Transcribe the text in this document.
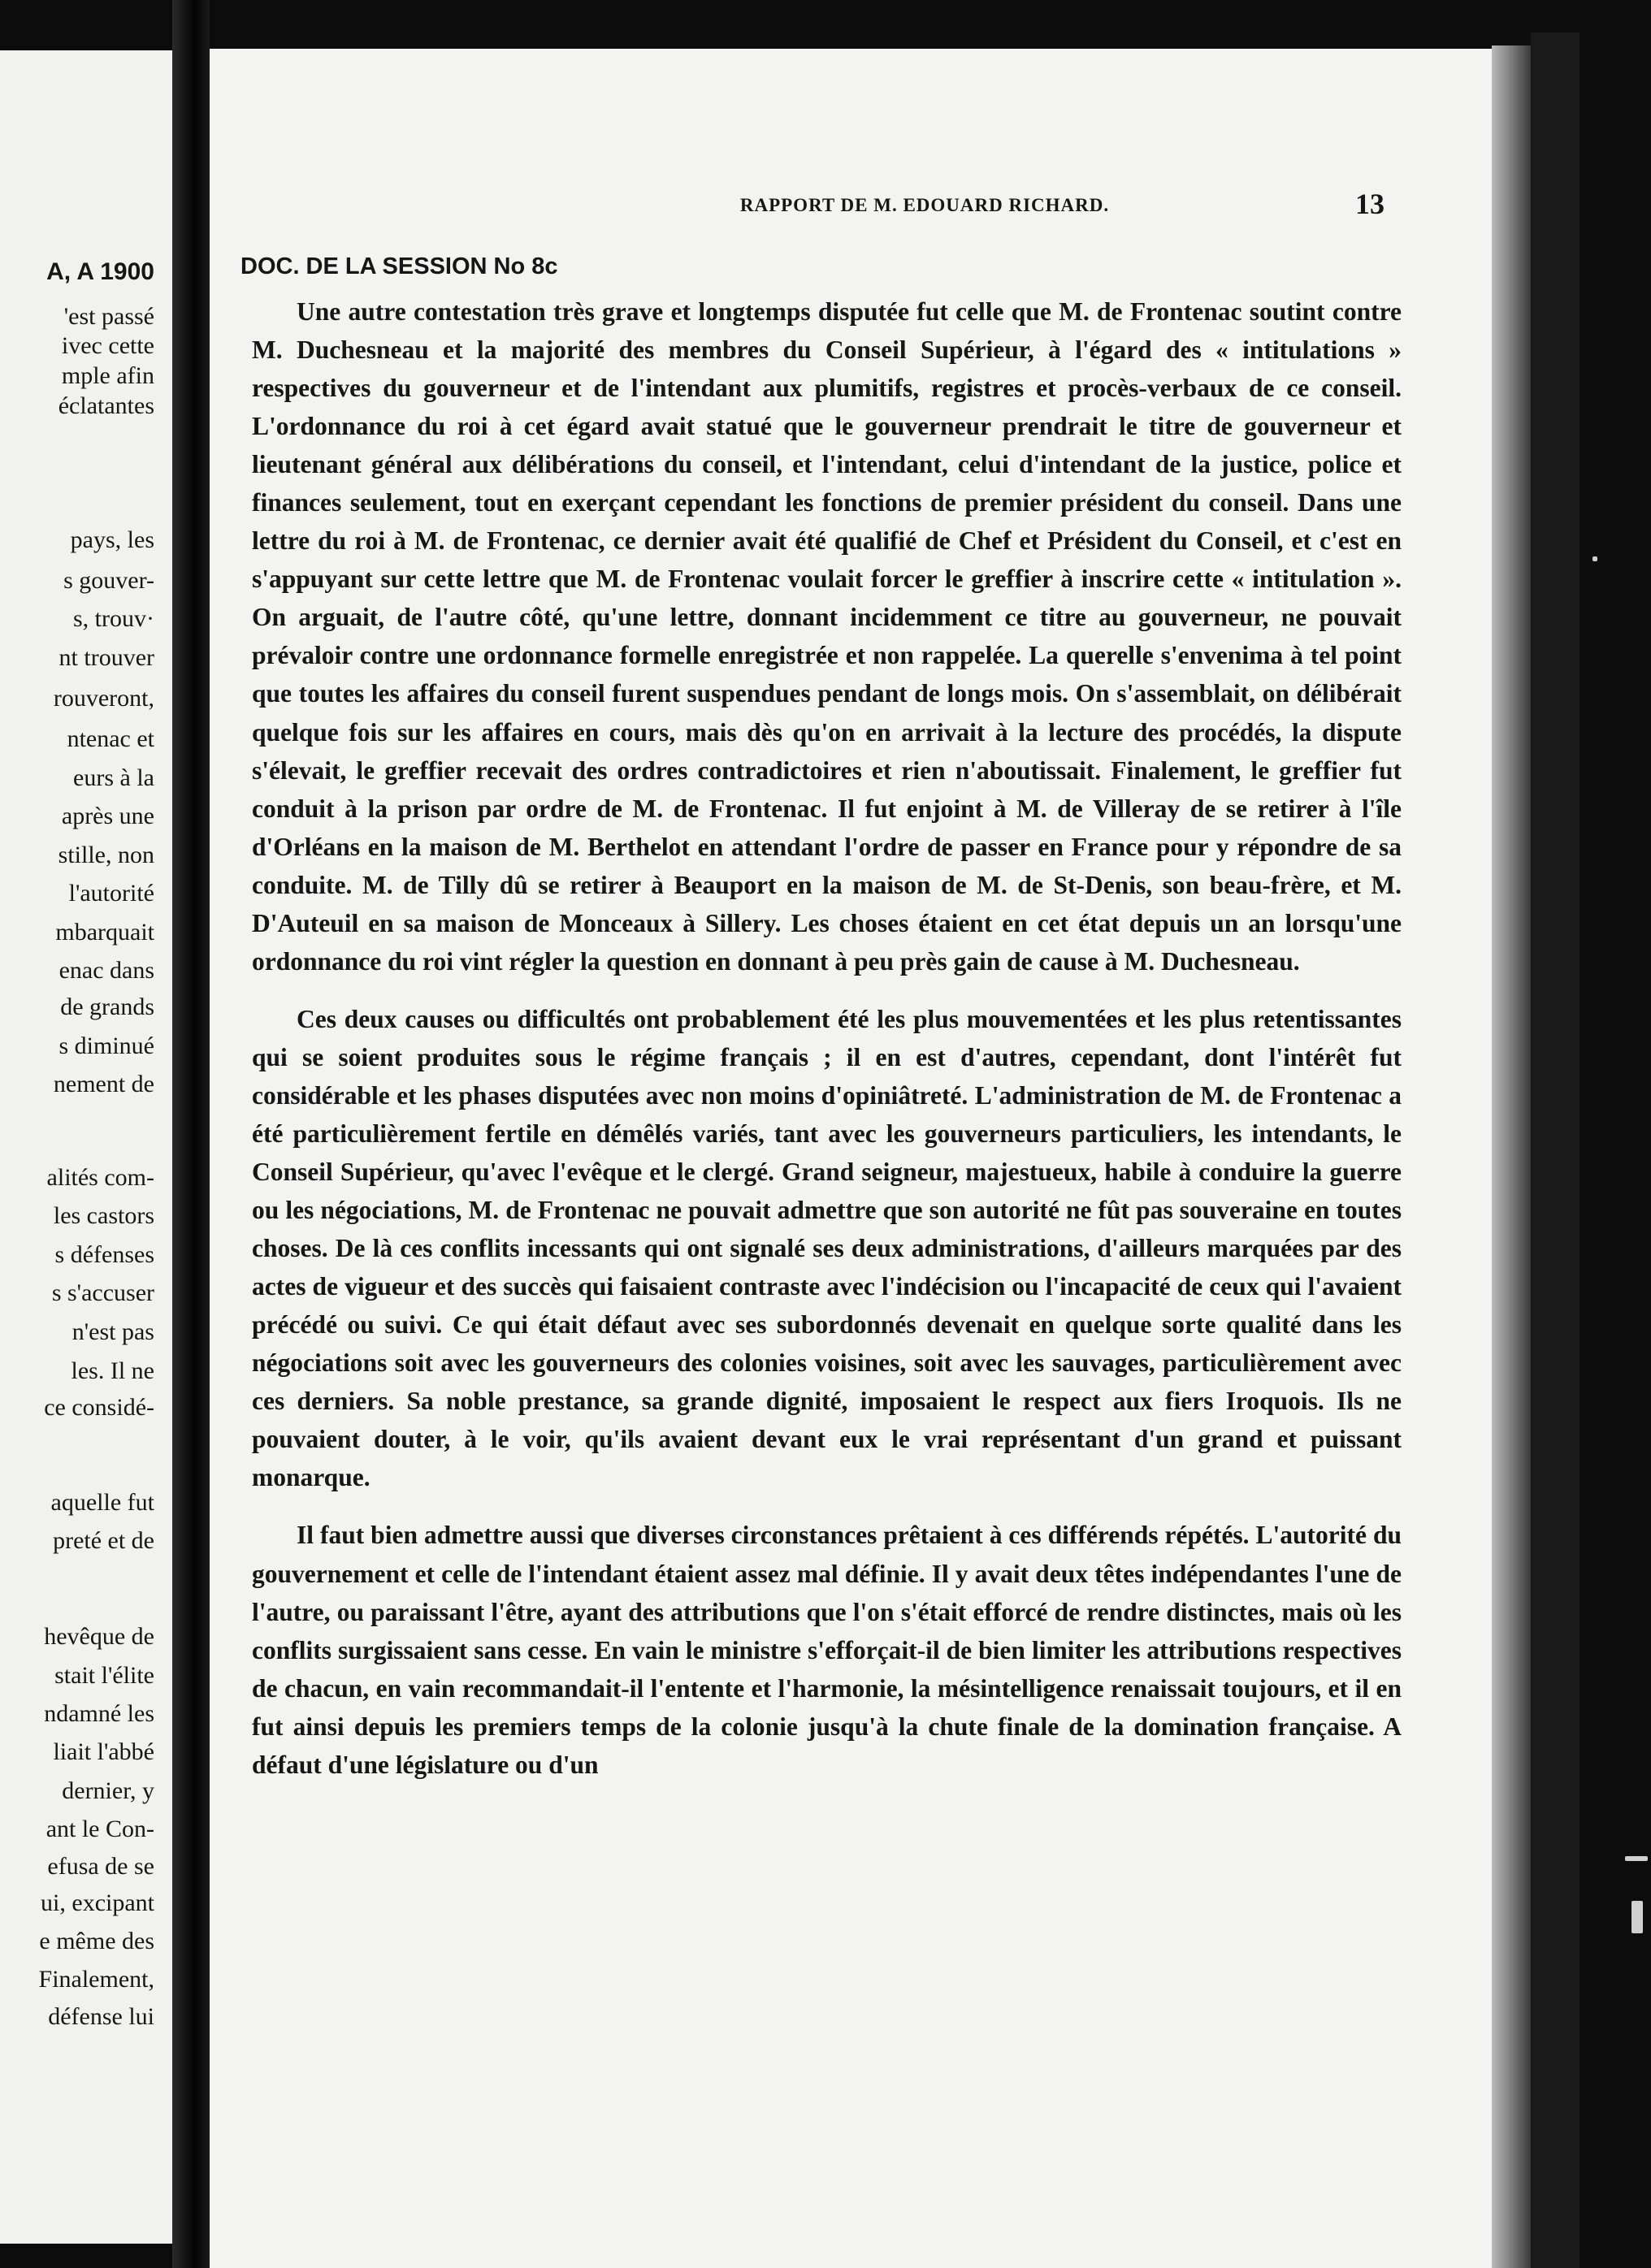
A, A 1900
'est passé
ivec cette
mple afin
éclatantes
pays, les
s gouver-
s, trouv·
nt trouver
rouveront,
ntenac et
eurs à la
après une
stille, non
l'autorité
mbarquait
enac dans
de grands
s diminué
nement de
alités com-
les castors
s défenses
s s'accuser
n'est pas
les. Il ne
ce considé-
aquelle fut
preté et de
hevêque de
stait l'élite
ndamné les
liait l'abbé
dernier, y
ant le Con-
efusa de se
ui, excipant
e même des
Finalement,
défense lui
RAPPORT DE M. EDOUARD RICHARD.	13
DOC. DE LA SESSION No 8c

Une autre contestation très grave et longtemps disputée fut celle que M. de Frontenac soutint contre M. Duchesneau et la majorité des membres du Conseil Supérieur, à l'égard des « intitulations » respectives du gouverneur et de l'intendant aux plumitifs, registres et procès-verbaux de ce conseil. L'ordonnance du roi à cet égard avait statué que le gouverneur prendrait le titre de gouverneur et lieutenant général aux délibérations du conseil, et l'intendant, celui d'intendant de la justice, police et finances seulement, tout en exerçant cependant les fonctions de premier président du conseil. Dans une lettre du roi à M. de Frontenac, ce dernier avait été qualifié de Chef et Président du Conseil, et c'est en s'appuyant sur cette lettre que M. de Frontenac voulait forcer le greffier à inscrire cette « intitulation ». On arguait, de l'autre côté, qu'une lettre, donnant incidemment ce titre au gouverneur, ne pouvait prévaloir contre une ordonnance formelle enregistrée et non rappelée. La querelle s'envenima à tel point que toutes les affaires du conseil furent suspendues pendant de longs mois. On s'assemblait, on délibérait quelque fois sur les affaires en cours, mais dès qu'on en arrivait à la lecture des procédés, la dispute s'élevait, le greffier recevait des ordres contradictoires et rien n'aboutissait. Finalement, le greffier fut conduit à la prison par ordre de M. de Frontenac. Il fut enjoint à M. de Villeray de se retirer à l'île d'Orléans en la maison de M. Berthelot en attendant l'ordre de passer en France pour y répondre de sa conduite. M. de Tilly dû se retirer à Beauport en la maison de M. de St-Denis, son beau-frère, et M. D'Auteuil en sa maison de Monceaux à Sillery. Les choses étaient en cet état depuis un an lorsqu'une ordonnance du roi vint régler la question en donnant à peu près gain de cause à M. Duchesneau.

Ces deux causes ou difficultés ont probablement été les plus mouvementées et les plus retentissantes qui se soient produites sous le régime français ; il en est d'autres, cependant, dont l'intérêt fut considérable et les phases disputées avec non moins d'opiniâtreté. L'administration de M. de Frontenac a été particulièrement fertile en démêlés variés, tant avec les gouverneurs particuliers, les intendants, le Conseil Supérieur, qu'avec l'evêque et le clergé. Grand seigneur, majestueux, habile à conduire la guerre ou les négociations, M. de Frontenac ne pouvait admettre que son autorité ne fût pas souveraine en toutes choses. De là ces conflits incessants qui ont signalé ses deux administrations, d'ailleurs marquées par des actes de vigueur et des succès qui faisaient contraste avec l'indécision ou l'incapacité de ceux qui l'avaient précédé ou suivi. Ce qui était défaut avec ses subordonnés devenait en quelque sorte qualité dans les négociations soit avec les gouverneurs des colonies voisines, soit avec les sauvages, particulièrement avec ces derniers. Sa noble prestance, sa grande dignité, imposaient le respect aux fiers Iroquois. Ils ne pouvaient douter, à le voir, qu'ils avaient devant eux le vrai représentant d'un grand et puissant monarque.

Il faut bien admettre aussi que diverses circonstances prêtaient à ces différends répétés. L'autorité du gouvernement et celle de l'intendant étaient assez mal définie. Il y avait deux têtes indépendantes l'une de l'autre, ou paraissant l'être, ayant des attributions que l'on s'était efforcé de rendre distinctes, mais où les conflits surgissaient sans cesse. En vain le ministre s'efforçait-il de bien limiter les attributions respectives de chacun, en vain recommandait-il l'entente et l'harmonie, la mésintelligence renaissait toujours, et il en fut ainsi depuis les premiers temps de la colonie jusqu'à la chute finale de la domination française. A défaut d'une législature ou d'un
